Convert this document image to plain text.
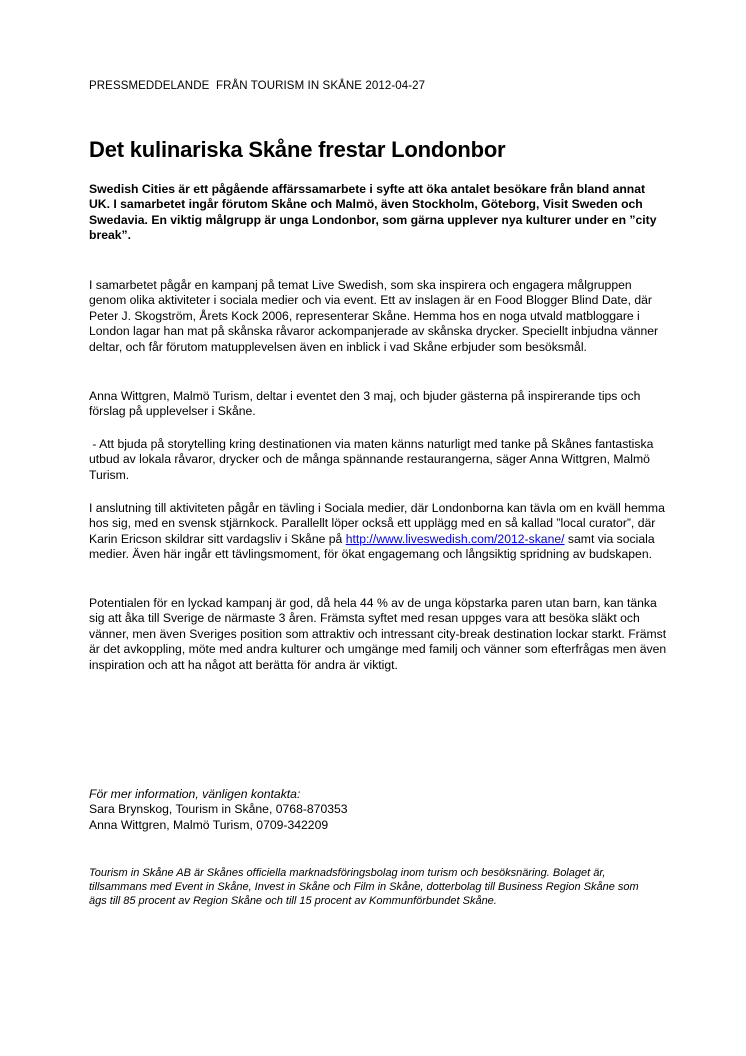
PRESSMEDDELANDE  FRÅN TOURISM IN SKÅNE 2012-04-27
Det kulinariska Skåne frestar Londonbor

Swedish Cities är ett pågående affärssamarbete i syfte att öka antalet besökare från bland annat UK. I samarbetet ingår förutom Skåne och Malmö, även Stockholm, Göteborg, Visit Sweden och Swedavia. En viktig målgrupp är unga Londonbor, som gärna upplever nya kulturer under en ”city break”.

I samarbetet pågår en kampanj på temat Live Swedish, som ska inspirera och engagera målgruppen genom olika aktiviteter i sociala medier och via event. Ett av inslagen är en Food Blogger Blind Date, där Peter J. Skogström, Årets Kock 2006, representerar Skåne. Hemma hos en noga utvald matbloggare i London lagar han mat på skånska råvaror ackompanjerade av skånska drycker. Speciellt inbjudna vänner deltar, och får förutom matupplevelsen även en inblick i vad Skåne erbjuder som besöksmål.

Anna Wittgren, Malmö Turism, deltar i eventet den 3 maj, och bjuder gästerna på inspirerande tips och förslag på upplevelser i Skåne.

- Att bjuda på storytelling kring destinationen via maten känns naturligt med tanke på Skånes fantastiska utbud av lokala råvaror, drycker och de många spännande restaurangerna, säger Anna Wittgren, Malmö Turism.

I anslutning till aktiviteten pågår en tävling i Sociala medier, där Londonborna kan tävla om en kväll hemma hos sig, med en svensk stjärnkock. Parallellt löper också ett upplägg med en så kallad ”local curator”, där Karin Ericson skildrar sitt vardagsliv i Skåne på http://www.liveswedish.com/2012-skane/ samt via sociala medier. Även här ingår ett tävlingsmoment, för ökat engagemang och långsiktig spridning av budskapen.

Potentialen för en lyckad kampanj är god, då hela 44 % av de unga köpstarka paren utan barn, kan tänka sig att åka till Sverige de närmaste 3 åren. Främsta syftet med resan uppges vara att besöka släkt och vänner, men även Sveriges position som attraktiv och intressant city-break destination lockar starkt. Främst är det avkoppling, möte med andra kulturer och umgänge med familj och vänner som efterfrågas men även inspiration och att ha något att berätta för andra är viktigt.

För mer information, vänligen kontakta:
Sara Brynskog, Tourism in Skåne, 0768-870353
Anna Wittgren, Malmö Turism, 0709-342209
Tourism in Skåne AB är Skånes officiella marknadsföringsbolag inom turism och besöksnäring. Bolaget är, tillsammans med Event in Skåne, Invest in Skåne och Film in Skåne, dotterbolag till Business Region Skåne som ägs till 85 procent av Region Skåne och till 15 procent av Kommunförbundet Skåne.
